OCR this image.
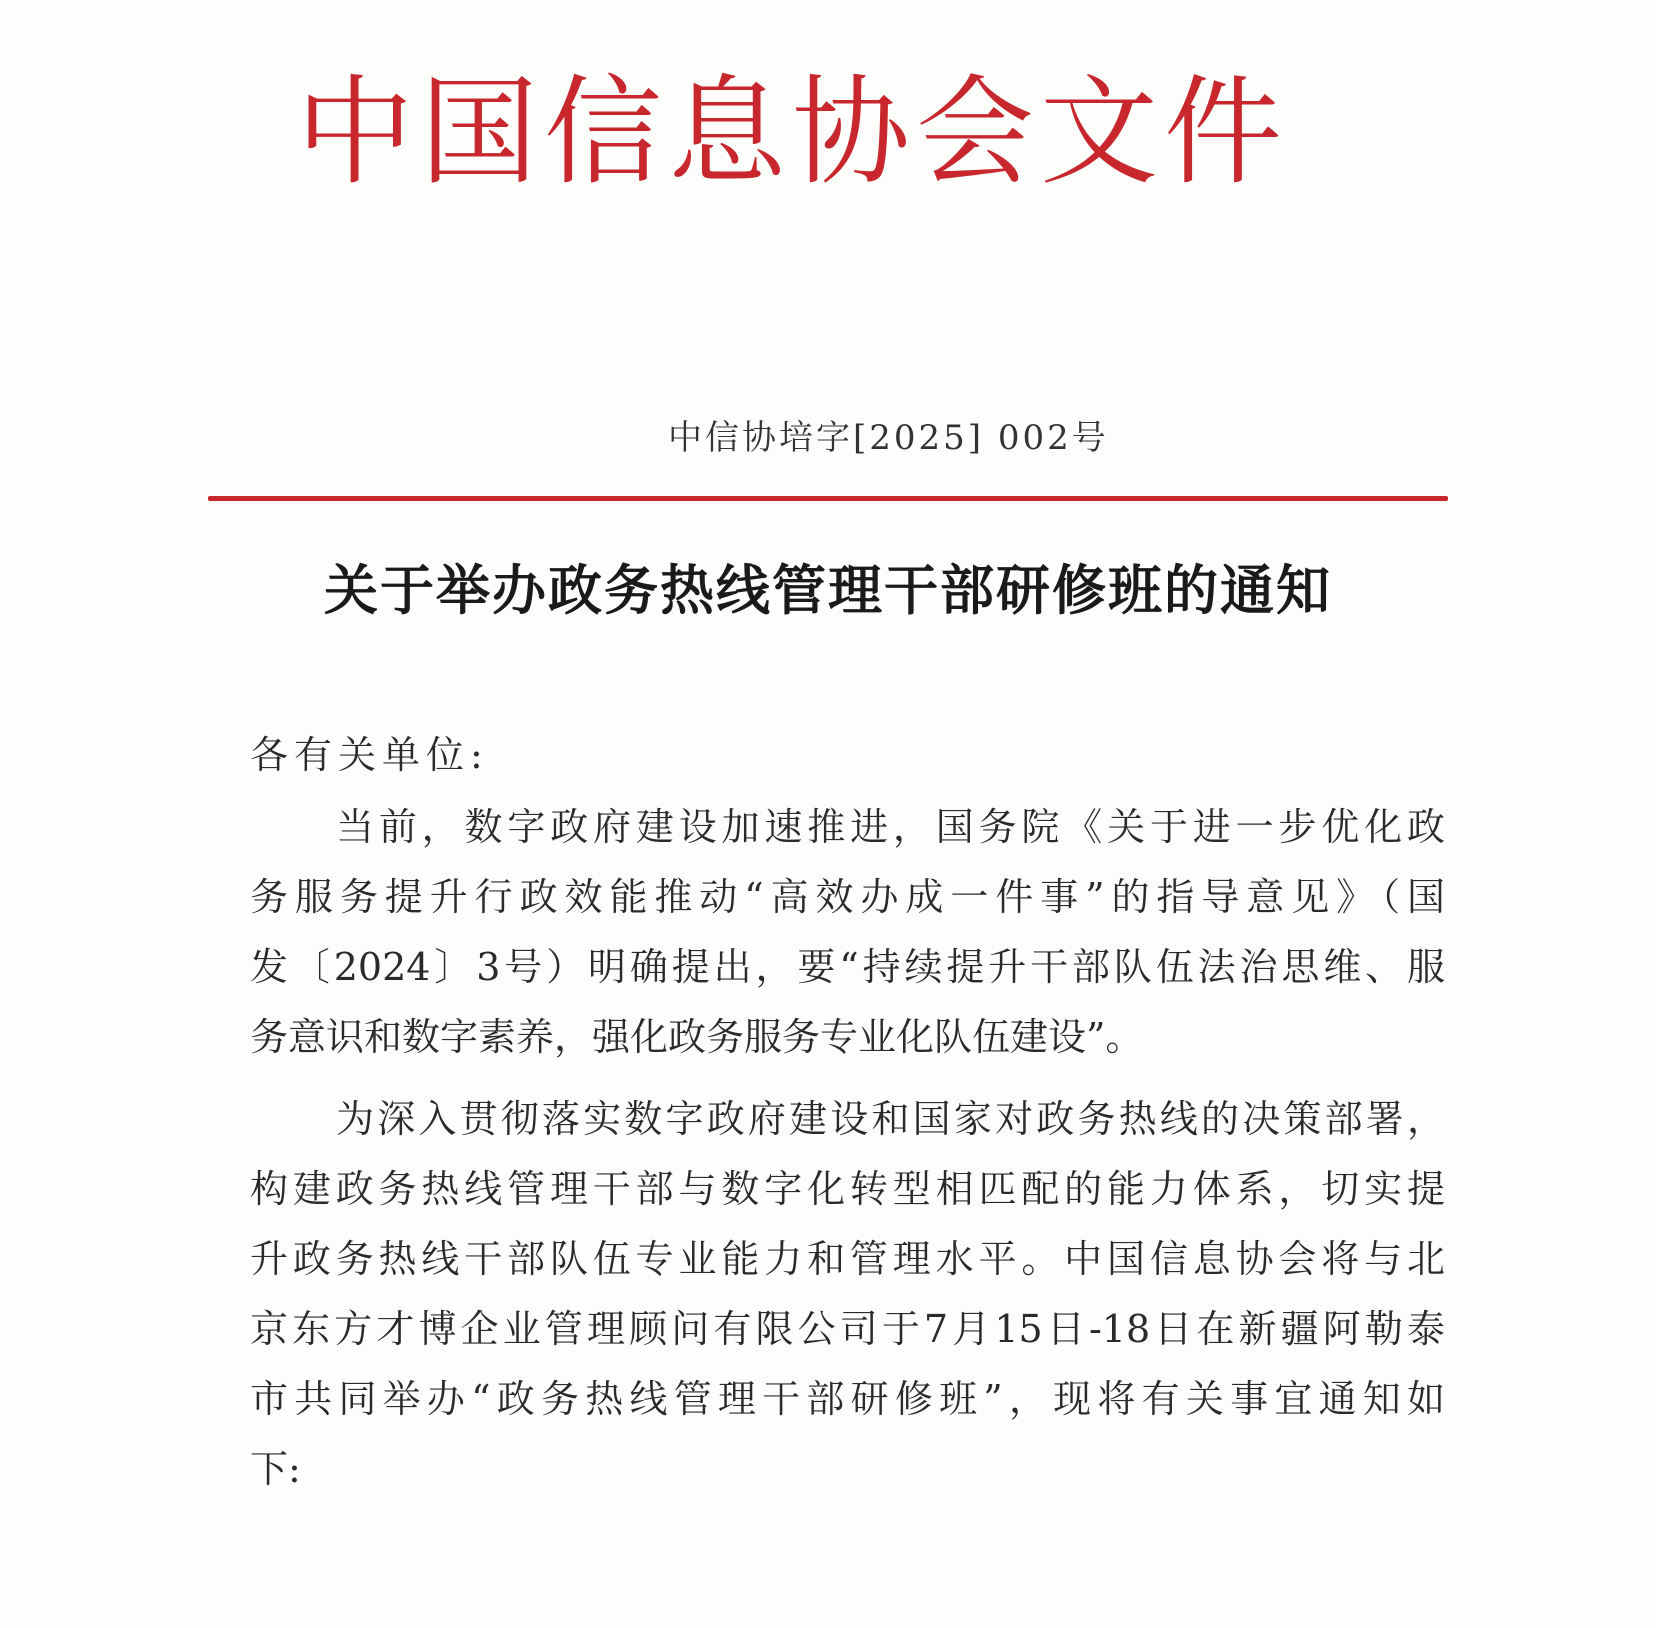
中国信息协会文件
中信协培字[2025] 002号
关于举办政务热线管理干部研修班的通知
各有关单位:
当前，数字政府建设加速推进，国务院《关于进一步优化政
务服务提升行政效能推动“高效办成一件事”的指导意见》（国
发〔2024〕3号）明确提出，要“持续提升干部队伍法治思维、服
务意识和数字素养，强化政务服务专业化队伍建设”。
为深入贯彻落实数字政府建设和国家对政务热线的决策部署，
构建政务热线管理干部与数字化转型相匹配的能力体系，切实提
升政务热线干部队伍专业能力和管理水平。中国信息协会将与北
京东方才博企业管理顾问有限公司于7月15日-18日在新疆阿勒泰
市共同举办“政务热线管理干部研修班”，现将有关事宜通知如
下:
